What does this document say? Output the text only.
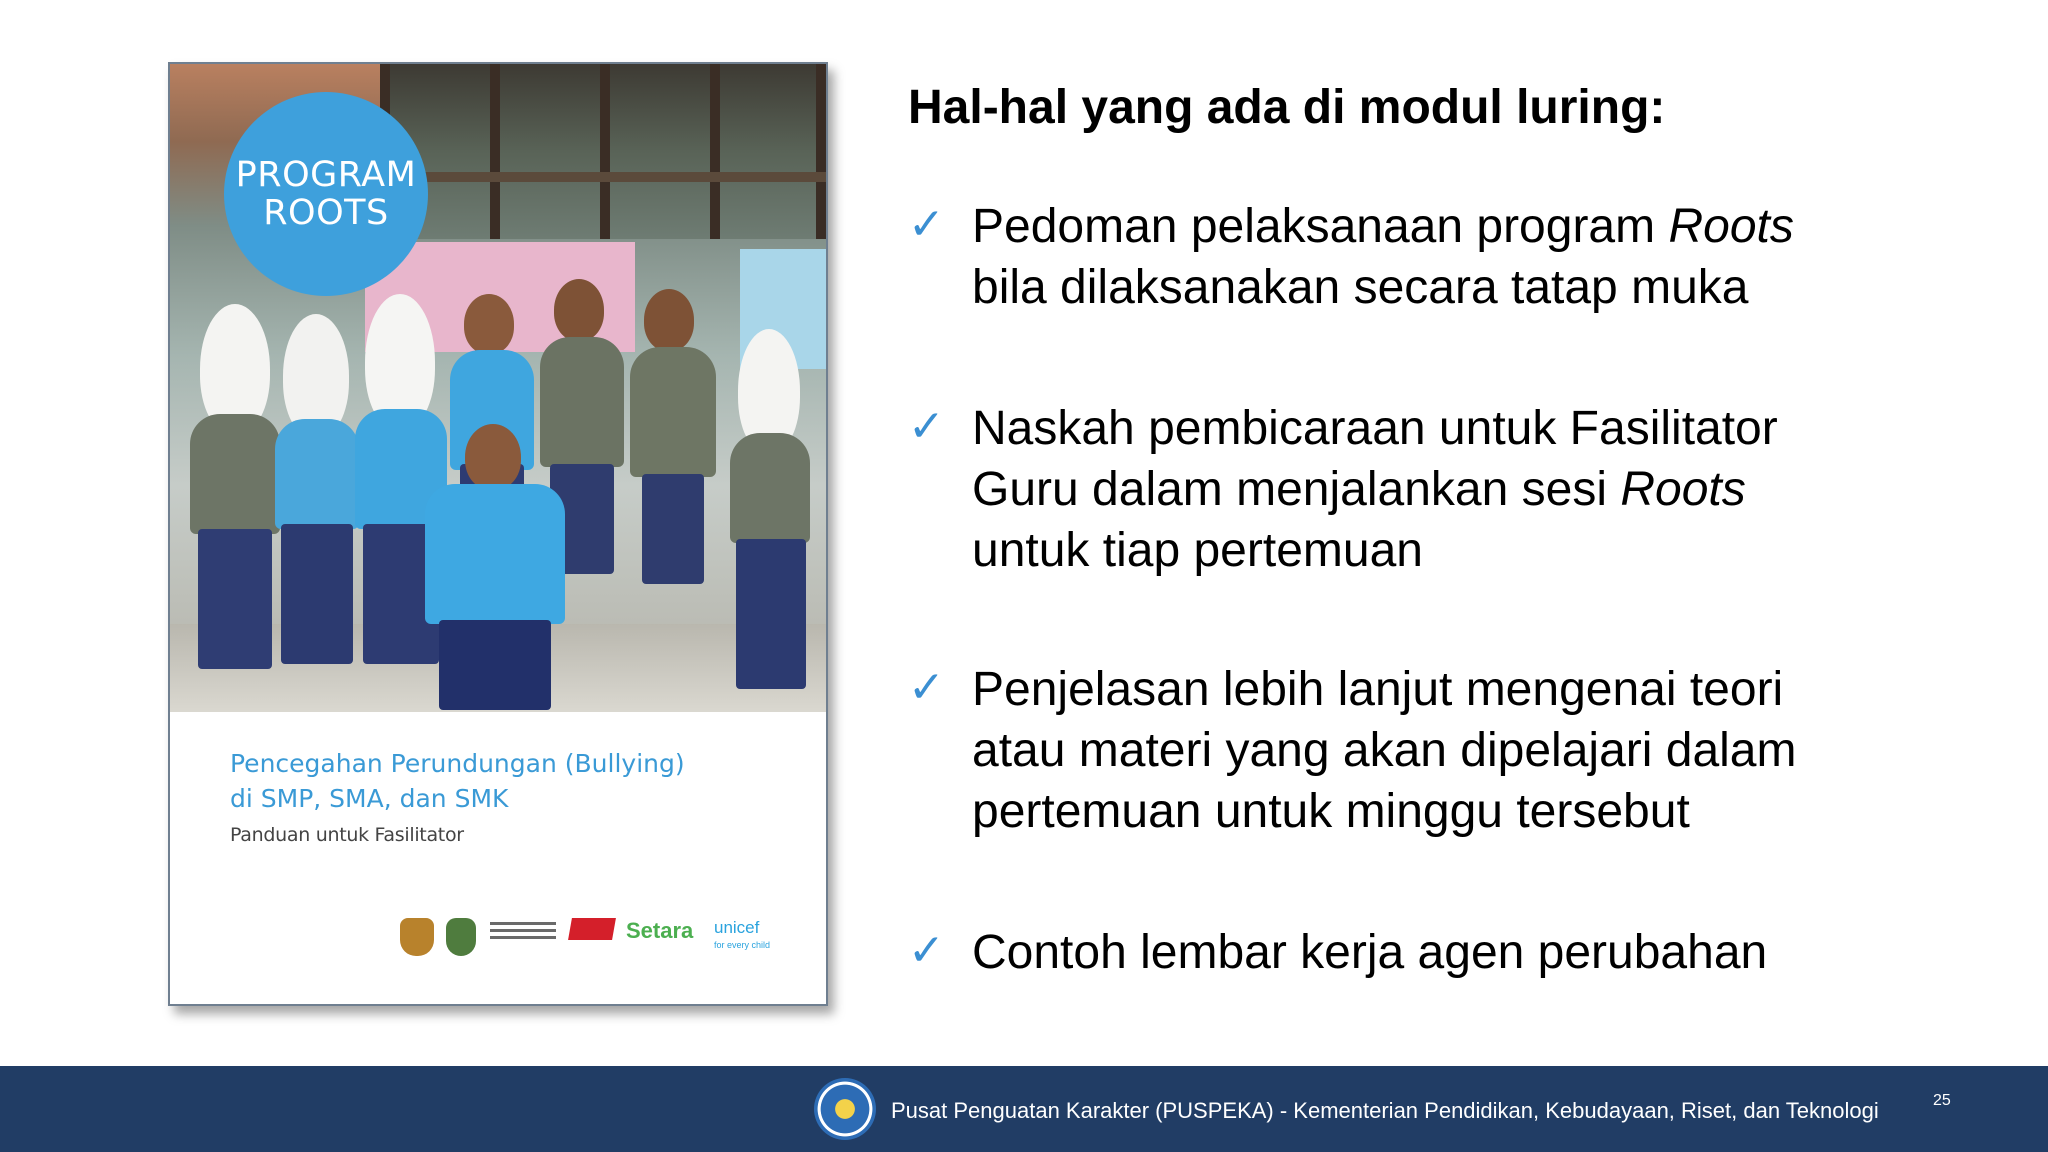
PROGRAM
ROOTS
Pencegahan Perundungan (Bullying)
di SMP, SMA, dan SMK
Panduan untuk Fasilitator
Setara unicef
for every child
Hal-hal yang ada di modul luring:
✓ Pedoman pelaksanaan program Roots
bila dilaksanakan secara tatap muka
✓ Naskah pembicaraan untuk Fasilitator
Guru dalam menjalankan sesi Roots
untuk tiap pertemuan
✓ Penjelasan lebih lanjut mengenai teori
atau materi yang akan dipelajari dalam
pertemuan untuk minggu tersebut
✓ Contoh lembar kerja agen perubahan
Pusat Penguatan Karakter (PUSPEKA) - Kementerian Pendidikan, Kebudayaan, Riset, dan Teknologi	25
